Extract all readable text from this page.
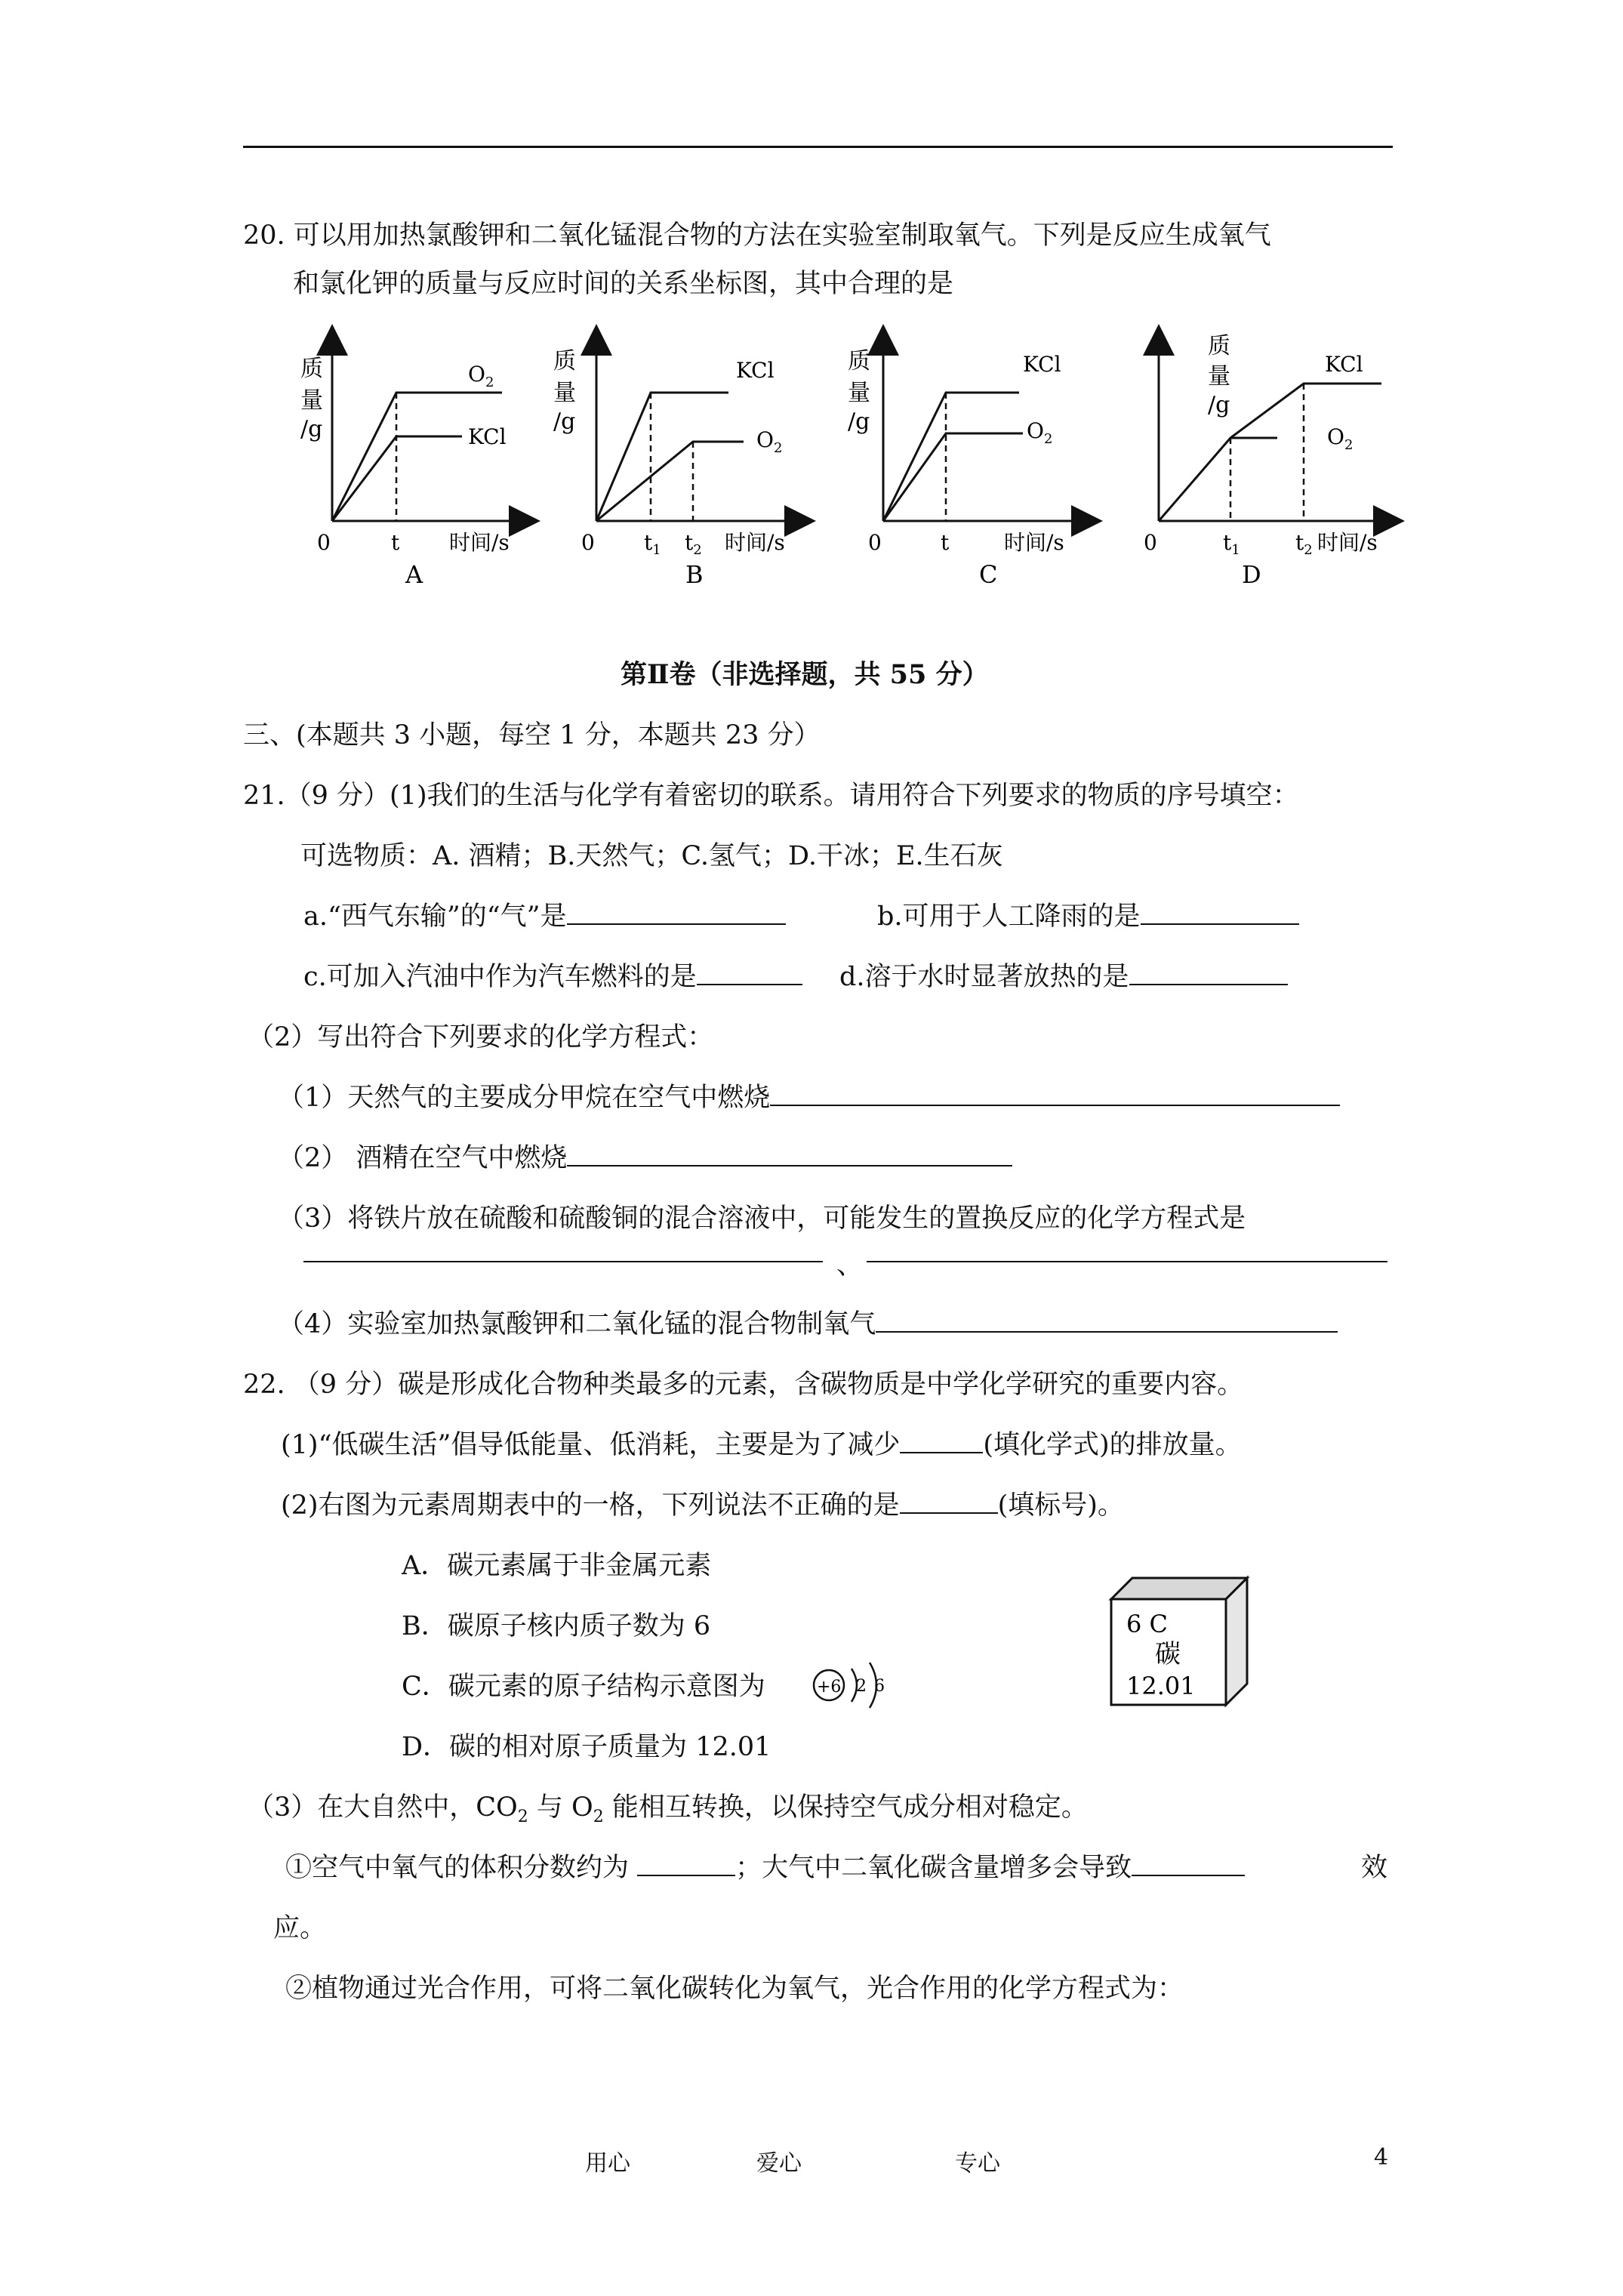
20. 可以用加热氯酸钾和二氧化锰混合物的方法在实验室制取氧气。下列是反应生成氧气
和氯化钾的质量与反应时间的关系坐标图，其中合理的是
质
量
/g
$O_2$
KCl
0	t 时间/s
A
质
量
/g
KCl
$O_2$
0 $t_1$ $t_2$ 时间/s
B
质
量
/g
KCl
$O_2$
0	t	时间/s
C
质
量
/g
KCl
$O_2$
0	$t_1$	$t_2$ 时间/s
D
第Ⅱ卷（非选择题，共 55 分）
三、(本题共 3 小题，每空 1 分，本题共 23 分）
21.（9 分）(1)我们的生活与化学有着密切的联系。请用符合下列要求的物质的序号填空：
可选物质：A. 酒精；B.天然气；C.氢气；D.干冰；E.生石灰
a.“西气东输”的“气”是	b.可用于人工降雨的是
c.可加入汽油中作为汽车燃料的是	d.溶于水时显著放热的是
（2）写出符合下列要求的化学方程式：
（1）天然气的主要成分甲烷在空气中燃烧
（2） 酒精在空气中燃烧
（3）将铁片放在硫酸和硫酸铜的混合溶液中，可能发生的置换反应的化学方程式是
、
（4）实验室加热氯酸钾和二氧化锰的混合物制氧气
22. （9 分）碳是形成化合物种类最多的元素，含碳物质是中学化学研究的重要内容。
(1)“低碳生活”倡导低能量、低消耗，主要是为了减少	(填化学式)的排放量。
(2)右图为元素周期表中的一格，下列说法不正确的是	(填标号)。
A．碳元素属于非金属元素
B．碳原子核内质子数为 6
C．碳元素的原子结构示意图为
D．碳的相对原子质量为 12.01
+6 2 6
6 C
碳
12.01
（3）在大自然中，$CO_2$ 与 $O_2$ 能相互转换，以保持空气成分相对稳定。
①空气中氧气的体积分数约为	；大气中二氧化碳含量增多会导致	效
应。
②植物通过光合作用，可将二氧化碳转化为氧气，光合作用的化学方程式为：
用心	爱心	专心	4
